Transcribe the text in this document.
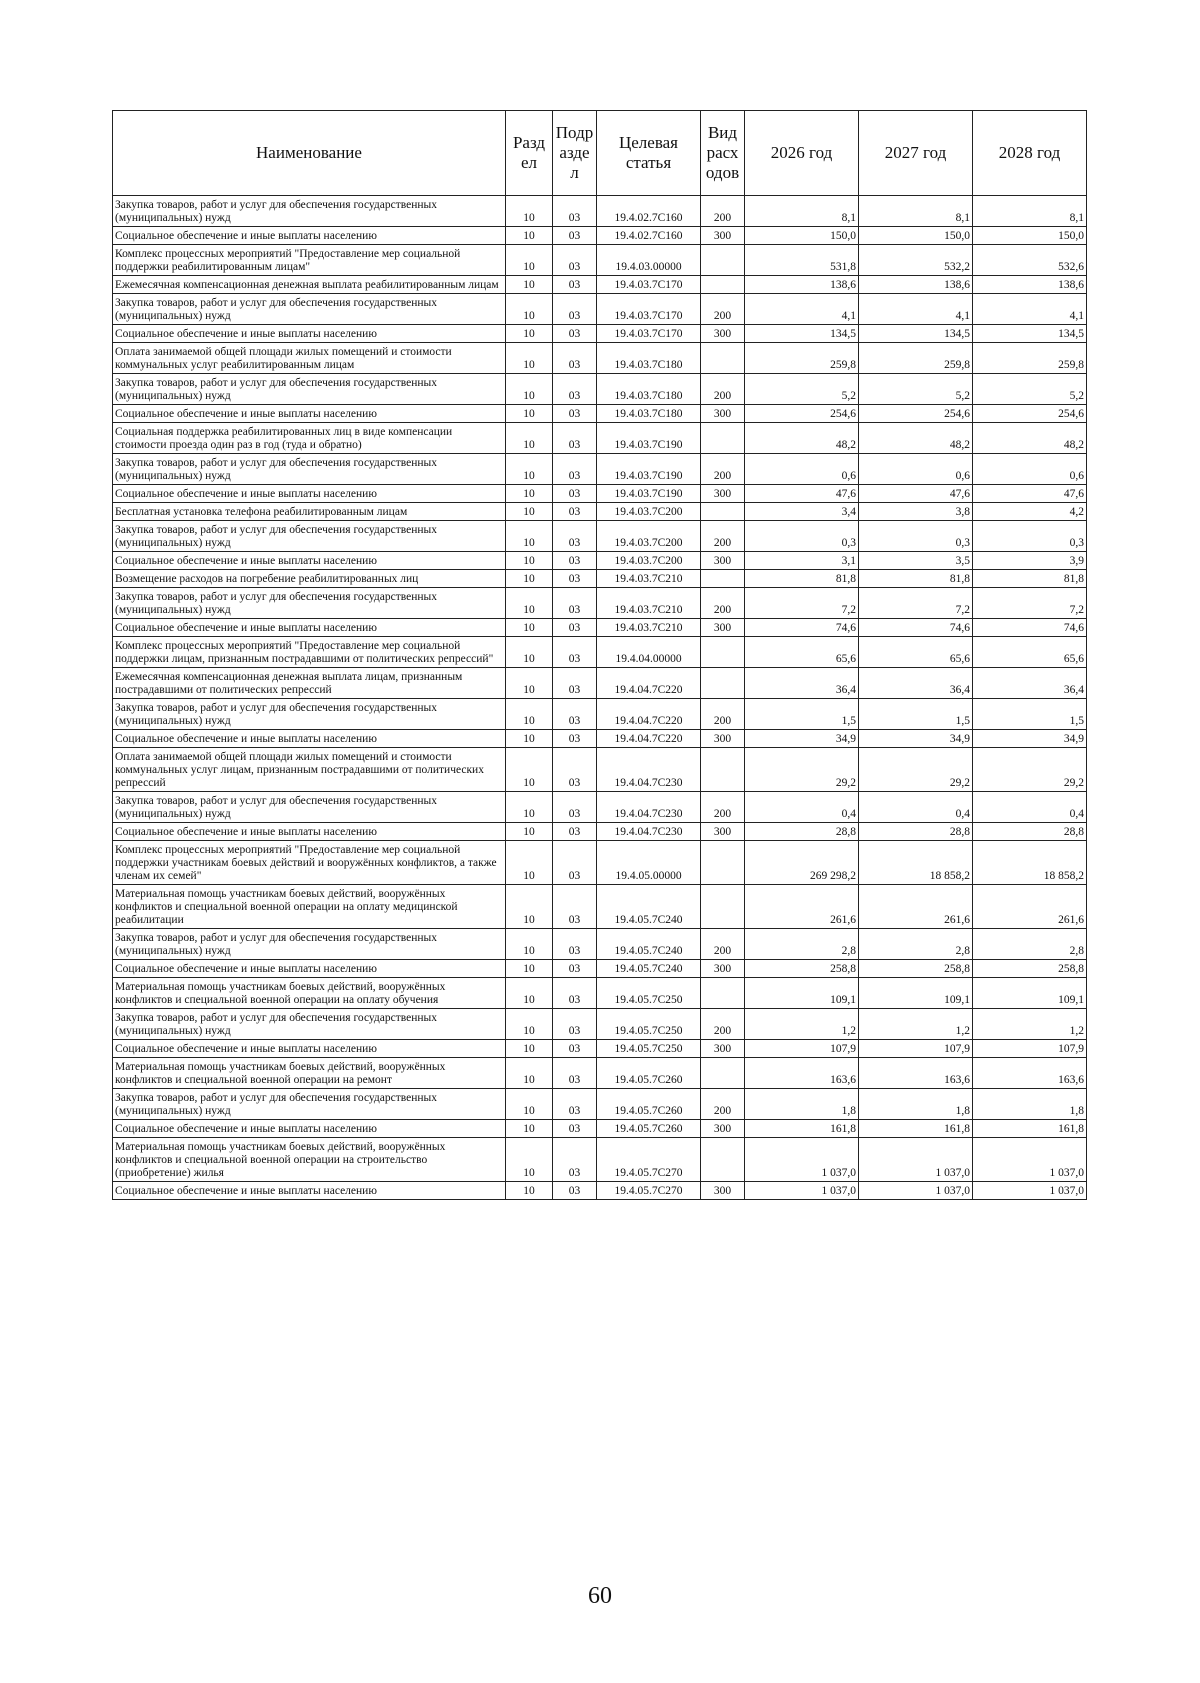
Наименование	Разд ел	Подр азде л	Целевая статья	Вид расх одов	2026 год	2027 год	2028 год
Закупка товаров, работ и услуг для обеспечения государственных (муниципальных) нужд	10	03	19.4.02.7С160	200	8,1	8,1	8,1
Социальное обеспечение и иные выплаты населению	10	03	19.4.02.7С160	300	150,0	150,0	150,0
Комплекс процессных мероприятий "Предоставление мер социальной поддержки реабилитированным лицам"	10	03	19.4.03.00000		531,8	532,2	532,6
Ежемесячная компенсационная денежная выплата реабилитированным лицам	10	03	19.4.03.7С170		138,6	138,6	138,6
Закупка товаров, работ и услуг для обеспечения государственных (муниципальных) нужд	10	03	19.4.03.7С170	200	4,1	4,1	4,1
Социальное обеспечение и иные выплаты населению	10	03	19.4.03.7С170	300	134,5	134,5	134,5
Оплата занимаемой общей площади жилых помещений и стоимости коммунальных услуг реабилитированным лицам	10	03	19.4.03.7С180		259,8	259,8	259,8
Закупка товаров, работ и услуг для обеспечения государственных (муниципальных) нужд	10	03	19.4.03.7С180	200	5,2	5,2	5,2
Социальное обеспечение и иные выплаты населению	10	03	19.4.03.7С180	300	254,6	254,6	254,6
Социальная поддержка реабилитированных лиц в виде компенсации стоимости проезда один раз в год (туда и обратно)	10	03	19.4.03.7С190		48,2	48,2	48,2
Закупка товаров, работ и услуг для обеспечения государственных (муниципальных) нужд	10	03	19.4.03.7С190	200	0,6	0,6	0,6
Социальное обеспечение и иные выплаты населению	10	03	19.4.03.7С190	300	47,6	47,6	47,6
Бесплатная установка телефона реабилитированным лицам	10	03	19.4.03.7С200		3,4	3,8	4,2
Закупка товаров, работ и услуг для обеспечения государственных (муниципальных) нужд	10	03	19.4.03.7С200	200	0,3	0,3	0,3
Социальное обеспечение и иные выплаты населению	10	03	19.4.03.7С200	300	3,1	3,5	3,9
Возмещение расходов на погребение реабилитированных лиц	10	03	19.4.03.7С210		81,8	81,8	81,8
Закупка товаров, работ и услуг для обеспечения государственных (муниципальных) нужд	10	03	19.4.03.7С210	200	7,2	7,2	7,2
Социальное обеспечение и иные выплаты населению	10	03	19.4.03.7С210	300	74,6	74,6	74,6
Комплекс процессных мероприятий "Предоставление мер социальной поддержки лицам, признанным пострадавшими от политических репрессий"	10	03	19.4.04.00000		65,6	65,6	65,6
Ежемесячная компенсационная денежная выплата лицам, признанным пострадавшими от политических репрессий	10	03	19.4.04.7С220		36,4	36,4	36,4
Закупка товаров, работ и услуг для обеспечения государственных (муниципальных) нужд	10	03	19.4.04.7С220	200	1,5	1,5	1,5
Социальное обеспечение и иные выплаты населению	10	03	19.4.04.7С220	300	34,9	34,9	34,9
Оплата занимаемой общей площади жилых помещений и стоимости коммунальных услуг лицам, признанным пострадавшими от политических репрессий	10	03	19.4.04.7С230		29,2	29,2	29,2
Закупка товаров, работ и услуг для обеспечения государственных (муниципальных) нужд	10	03	19.4.04.7С230	200	0,4	0,4	0,4
Социальное обеспечение и иные выплаты населению	10	03	19.4.04.7С230	300	28,8	28,8	28,8
Комплекс процессных мероприятий "Предоставление мер социальной поддержки участникам боевых действий и вооружённых конфликтов, а также членам их семей"	10	03	19.4.05.00000		269 298,2	18 858,2	18 858,2
Материальная помощь участникам боевых действий, вооружённых конфликтов и специальной военной операции на оплату медицинской реабилитации	10	03	19.4.05.7С240		261,6	261,6	261,6
Закупка товаров, работ и услуг для обеспечения государственных (муниципальных) нужд	10	03	19.4.05.7С240	200	2,8	2,8	2,8
Социальное обеспечение и иные выплаты населению	10	03	19.4.05.7С240	300	258,8	258,8	258,8
Материальная помощь участникам боевых действий, вооружённых конфликтов и специальной военной операции на оплату обучения	10	03	19.4.05.7С250		109,1	109,1	109,1
Закупка товаров, работ и услуг для обеспечения государственных (муниципальных) нужд	10	03	19.4.05.7С250	200	1,2	1,2	1,2
Социальное обеспечение и иные выплаты населению	10	03	19.4.05.7С250	300	107,9	107,9	107,9
Материальная помощь участникам боевых действий, вооружённых конфликтов и специальной военной операции на ремонт	10	03	19.4.05.7С260		163,6	163,6	163,6
Закупка товаров, работ и услуг для обеспечения государственных (муниципальных) нужд	10	03	19.4.05.7С260	200	1,8	1,8	1,8
Социальное обеспечение и иные выплаты населению	10	03	19.4.05.7С260	300	161,8	161,8	161,8
Материальная помощь участникам боевых действий, вооружённых конфликтов и специальной военной операции на строительство (приобретение) жилья	10	03	19.4.05.7С270		1 037,0	1 037,0	1 037,0
Социальное обеспечение и иные выплаты населению	10	03	19.4.05.7С270	300	1 037,0	1 037,0	1 037,0
60
